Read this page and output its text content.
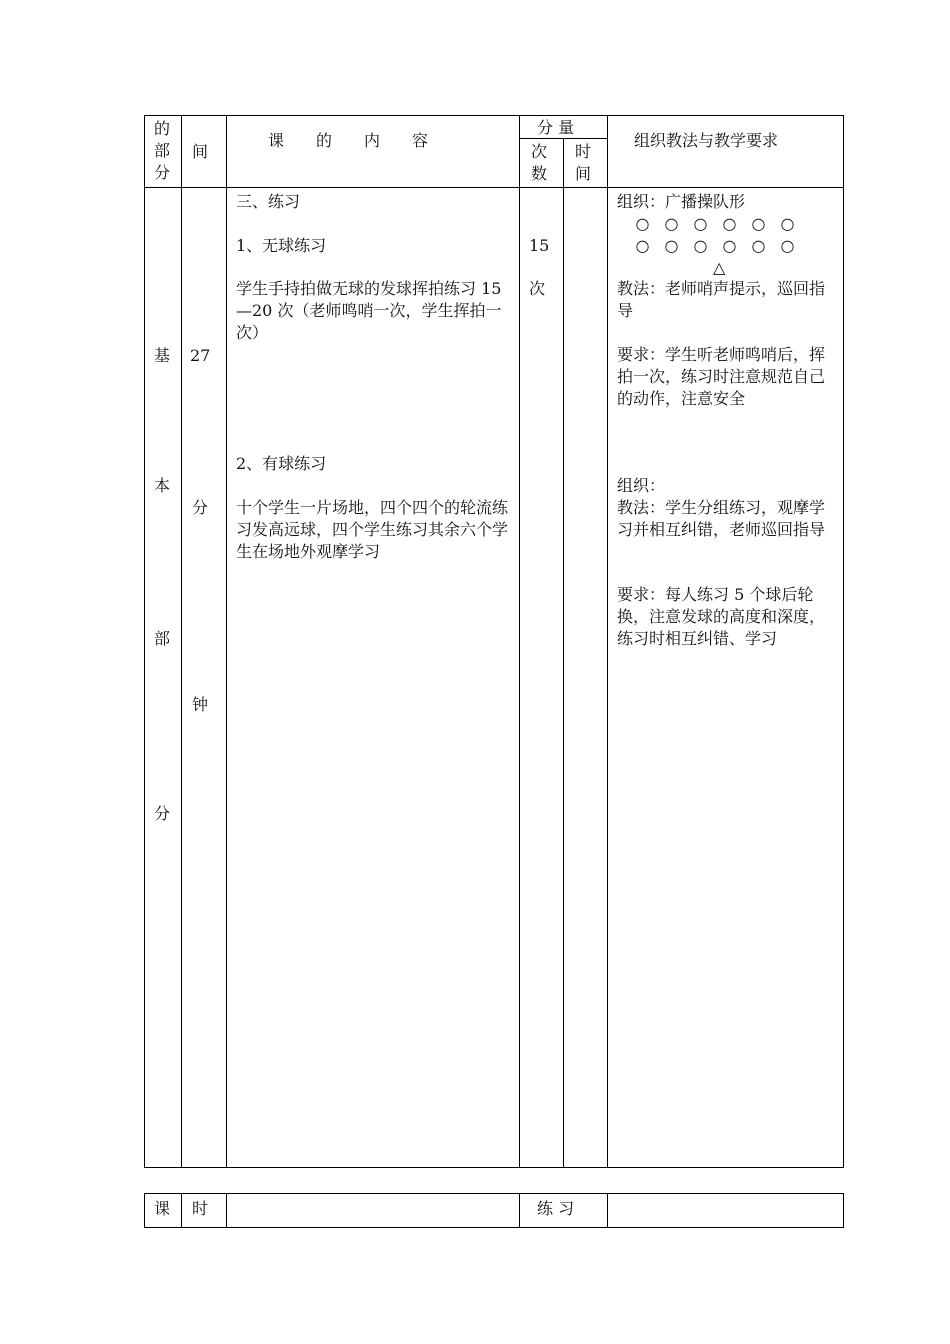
的
部
分
间
课　　的　　内　　容
分 量
次
数
时
间
组织教法与教学要求
基
本
部
分
27
分
钟
三、练习
1、无球练习
学生手持拍做无球的发球挥拍练习 15—20 次（老师鸣哨一次，学生挥拍一次）
2、有球练习
十个学生一片场地，四个四个的轮流练习发高远球，四个学生练习其余六个学生在场地外观摩学习
15
次
组织：广播操队形
○ ○ ○ ○ ○ ○
○ ○ ○ ○ ○ ○
△
教法：老师哨声提示，巡回指导
要求：学生听老师鸣哨后，挥拍一次，练习时注意规范自己的动作，注意安全
组织：
教法：学生分组练习，观摩学习并相互纠错，老师巡回指导
要求：每人练习 5 个球后轮换，注意发球的高度和深度，练习时相互纠错、学习
课 时	练 习
